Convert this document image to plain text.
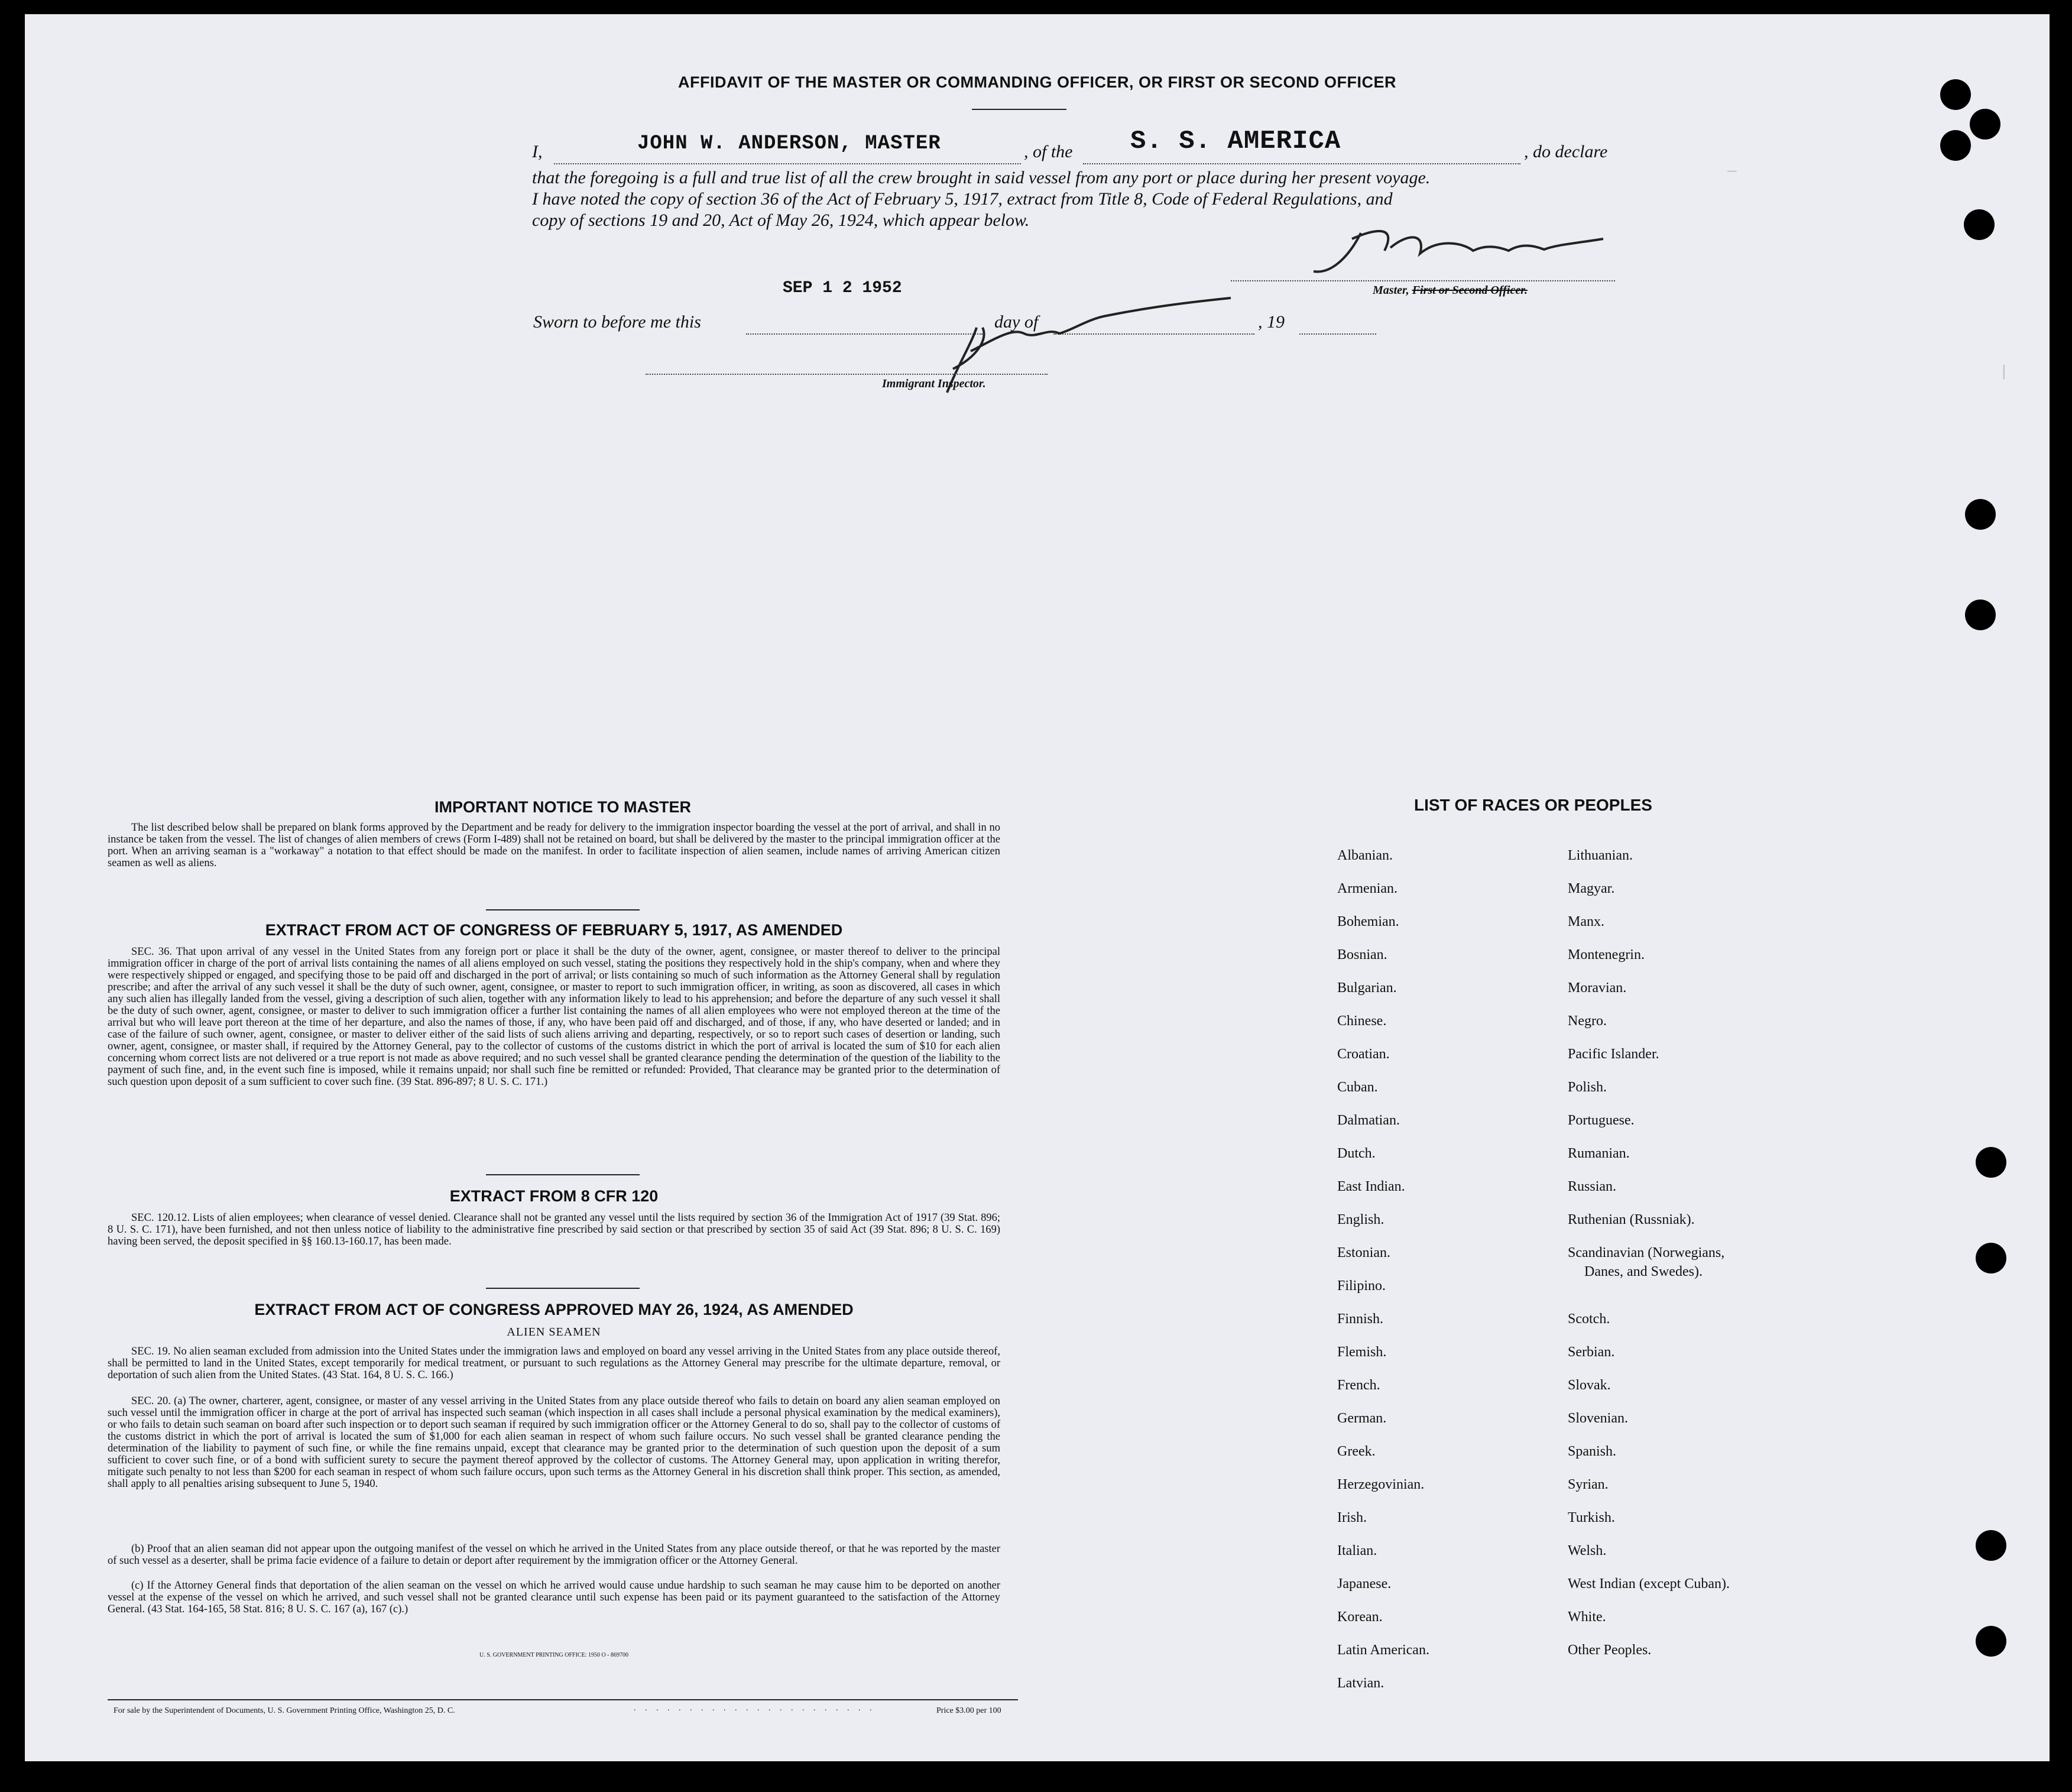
AFFIDAVIT OF THE MASTER OR COMMANDING OFFICER, OR FIRST OR SECOND OFFICER
I,	JOHN W. ANDERSON, MASTER	, of the S. S. AMERICA	, do declare
that the foregoing is a full and true list of all the crew brought in said vessel from any port or place during her present voyage.
I have noted the copy of section 36 of the Act of February 5, 1917, extract from Title 8, Code of Federal Regulations, and
copy of sections 19 and 20, Act of May 26, 1924, which appear below.
Master, First or Second Officer.
Sworn to before me this
SEP 1 2 1952
day of	, 19
Immigrant Inspector.
—
|
IMPORTANT NOTICE TO MASTER
The list described below shall be prepared on blank forms approved by the Department and be ready for delivery to the immigration inspector boarding the vessel at the port of arrival, and shall in no instance be taken from the vessel. The list of changes of alien members of crews (Form I-489) shall not be retained on board, but shall be delivered by the master to the principal immigration officer at the port. When an arriving seaman is a "workaway" a notation to that effect should be made on the manifest. In order to facilitate inspection of alien seamen, include names of arriving American citizen seamen as well as aliens.
EXTRACT FROM ACT OF CONGRESS OF FEBRUARY 5, 1917, AS AMENDED
SEC. 36. That upon arrival of any vessel in the United States from any foreign port or place it shall be the duty of the owner, agent, consignee, or master thereof to deliver to the principal immigration officer in charge of the port of arrival lists containing the names of all aliens employed on such vessel, stating the positions they respectively hold in the ship's company, when and where they were respectively shipped or engaged, and specifying those to be paid off and discharged in the port of arrival; or lists containing so much of such information as the Attorney General shall by regulation prescribe; and after the arrival of any such vessel it shall be the duty of such owner, agent, consignee, or master to report to such immigration officer, in writing, as soon as discovered, all cases in which any such alien has illegally landed from the vessel, giving a description of such alien, together with any information likely to lead to his apprehension; and before the departure of any such vessel it shall be the duty of such owner, agent, consignee, or master to deliver to such immigration officer a further list containing the names of all alien employees who were not employed thereon at the time of the arrival but who will leave port thereon at the time of her departure, and also the names of those, if any, who have been paid off and discharged, and of those, if any, who have deserted or landed; and in case of the failure of such owner, agent, consignee, or master to deliver either of the said lists of such aliens arriving and departing, respectively, or so to report such cases of desertion or landing, such owner, agent, consignee, or master shall, if required by the Attorney General, pay to the collector of customs of the customs district in which the port of arrival is located the sum of $10 for each alien concerning whom correct lists are not delivered or a true report is not made as above required; and no such vessel shall be granted clearance pending the determination of the question of the liability to the payment of such fine, and, in the event such fine is imposed, while it remains unpaid; nor shall such fine be remitted or refunded: Provided, That clearance may be granted prior to the determination of such question upon deposit of a sum sufficient to cover such fine. (39 Stat. 896-897; 8 U. S. C. 171.)
EXTRACT FROM 8 CFR 120
SEC. 120.12. Lists of alien employees; when clearance of vessel denied. Clearance shall not be granted any vessel until the lists required by section 36 of the Immigration Act of 1917 (39 Stat. 896; 8 U. S. C. 171), have been furnished, and not then unless notice of liability to the administrative fine prescribed by said section or that prescribed by section 35 of said Act (39 Stat. 896; 8 U. S. C. 169) having been served, the deposit specified in §§ 160.13-160.17, has been made.
EXTRACT FROM ACT OF CONGRESS APPROVED MAY 26, 1924, AS AMENDED
ALIEN SEAMEN
SEC. 19. No alien seaman excluded from admission into the United States under the immigration laws and employed on board any vessel arriving in the United States from any place outside thereof, shall be permitted to land in the United States, except temporarily for medical treatment, or pursuant to such regulations as the Attorney General may prescribe for the ultimate departure, removal, or deportation of such alien from the United States. (43 Stat. 164, 8 U. S. C. 166.)
SEC. 20. (a) The owner, charterer, agent, consignee, or master of any vessel arriving in the United States from any place outside thereof who fails to detain on board any alien seaman employed on such vessel until the immigration officer in charge at the port of arrival has inspected such seaman (which inspection in all cases shall include a personal physical examination by the medical examiners), or who fails to detain such seaman on board after such inspection or to deport such seaman if required by such immigration officer or the Attorney General to do so, shall pay to the collector of customs of the customs district in which the port of arrival is located the sum of $1,000 for each alien seaman in respect of whom such failure occurs. No such vessel shall be granted clearance pending the determination of the liability to payment of such fine, or while the fine remains unpaid, except that clearance may be granted prior to the determination of such question upon the deposit of a sum sufficient to cover such fine, or of a bond with sufficient surety to secure the payment thereof approved by the collector of customs. The Attorney General may, upon application in writing therefor, mitigate such penalty to not less than $200 for each seaman in respect of whom such failure occurs, upon such terms as the Attorney General in his discretion shall think proper. This section, as amended, shall apply to all penalties arising subsequent to June 5, 1940.
(b) Proof that an alien seaman did not appear upon the outgoing manifest of the vessel on which he arrived in the United States from any place outside thereof, or that he was reported by the master of such vessel as a deserter, shall be prima facie evidence of a failure to detain or deport after requirement by the immigration officer or the Attorney General.
(c) If the Attorney General finds that deportation of the alien seaman on the vessel on which he arrived would cause undue hardship to such seaman he may cause him to be deported on another vessel at the expense of the vessel on which he arrived, and such vessel shall not be granted clearance until such expense has been paid or its payment guaranteed to the satisfaction of the Attorney General. (43 Stat. 164-165, 58 Stat. 816; 8 U. S. C. 167 (a), 167 (c).)
U. S. GOVERNMENT PRINTING OFFICE: 1950 O - 869700
For sale by the Superintendent of Documents, U. S. Government Printing Office, Washington 25, D. C.	. . . . . . . . . . . . . . . . . . . . . .	Price $3.00 per 100
LIST OF RACES OR PEOPLES
Albanian.
Armenian.
Bohemian.
Bosnian.
Bulgarian.
Chinese.
Croatian.
Cuban.
Dalmatian.
Dutch.
East Indian.
English.
Estonian.
Filipino.
Finnish.
Flemish.
French.
German.
Greek.
Herzegovinian.
Irish.
Italian.
Japanese.
Korean.
Latin American.
Latvian.
Lithuanian.
Magyar.
Manx.
Montenegrin.
Moravian.
Negro.
Pacific Islander.
Polish.
Portuguese.
Rumanian.
Russian.
Ruthenian (Russniak).
Scandinavian (Norwegians,
Danes, and Swedes).
Scotch.
Serbian.
Slovak.
Slovenian.
Spanish.
Syrian.
Turkish.
Welsh.
West Indian (except Cuban).
White.
Other Peoples.
